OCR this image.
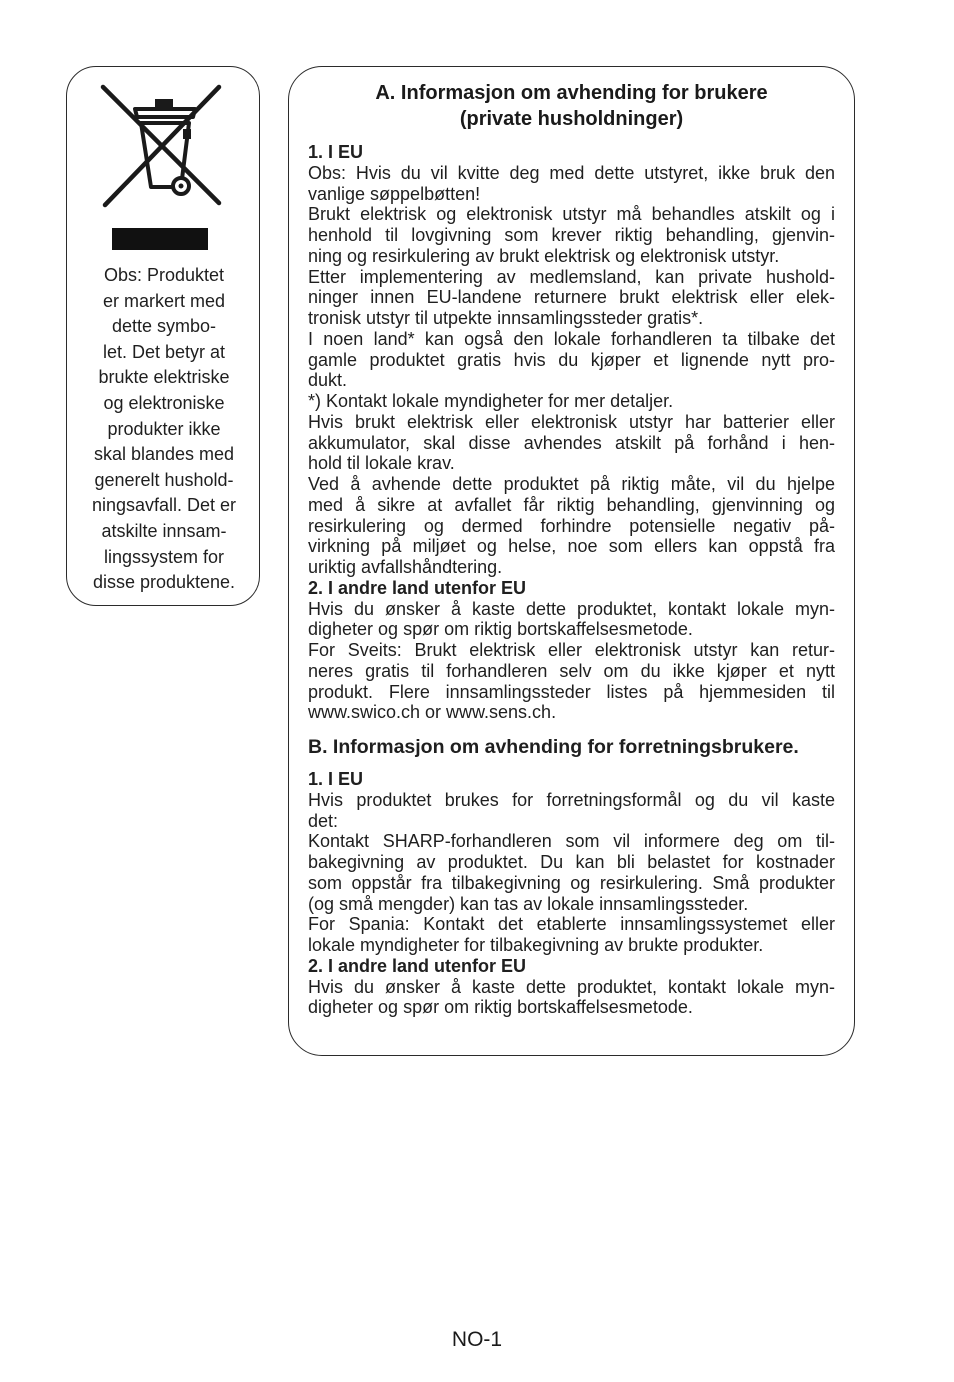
Obs: Produktet
er markert med
dette symbo-
let. Det betyr at
brukte elektriske
og elektroniske
produkter ikke
skal blandes med
generelt hushold-
ningsavfall. Det er
atskilte innsam-
lingssystem for
disse produktene.
A. Informasjon om avhending for brukere
(private husholdninger)
1. I EU
Obs: Hvis du vil kvitte deg med dette utstyret, ikke bruk den
vanlige søppelbøtten!
Brukt elektrisk og elektronisk utstyr må behandles atskilt og i
henhold til lovgivning som krever riktig behandling, gjenvin-
ning og resirkulering av brukt elektrisk og elektronisk utstyr.
Etter implementering av medlemsland, kan private hushold-
ninger innen EU-landene returnere brukt elektrisk eller elek-
tronisk utstyr til utpekte innsamlingssteder gratis*.
I noen land* kan også den lokale forhandleren ta tilbake det
gamle produktet gratis hvis du kjøper et lignende nytt pro-
dukt.
*) Kontakt lokale myndigheter for mer detaljer.
Hvis brukt elektrisk eller elektronisk utstyr har batterier eller
akkumulator, skal disse avhendes atskilt på forhånd i hen-
hold til lokale krav.
Ved å avhende dette produktet på riktig måte, vil du hjelpe
med å sikre at avfallet får riktig behandling, gjenvinning og
resirkulering og dermed forhindre potensielle negativ på-
virkning på miljøet og helse, noe som ellers kan oppstå fra
uriktig avfallshåndtering.
2. I andre land utenfor EU
Hvis du ønsker å kaste dette produktet, kontakt lokale myn-
digheter og spør om riktig bortskaffelsesmetode.
For Sveits: Brukt elektrisk eller elektronisk utstyr kan retur-
neres gratis til forhandleren selv om du ikke kjøper et nytt
produkt. Flere innsamlingssteder listes på hjemmesiden til
www.swico.ch or www.sens.ch.
B. Informasjon om avhending for forretningsbrukere.
1. I EU
Hvis produktet brukes for forretningsformål og du vil kaste
det:
Kontakt SHARP-forhandleren som vil informere deg om til-
bakegivning av produktet. Du kan bli belastet for kostnader
som oppstår fra tilbakegivning og resirkulering. Små produkter
(og små mengder) kan tas av lokale innsamlingssteder.
For Spania: Kontakt det etablerte innsamlingssystemet eller
lokale myndigheter for tilbakegivning av brukte produkter.
2. I andre land utenfor EU
Hvis du ønsker å kaste dette produktet, kontakt lokale myn-
digheter og spør om riktig bortskaffelsesmetode.
NO-1
